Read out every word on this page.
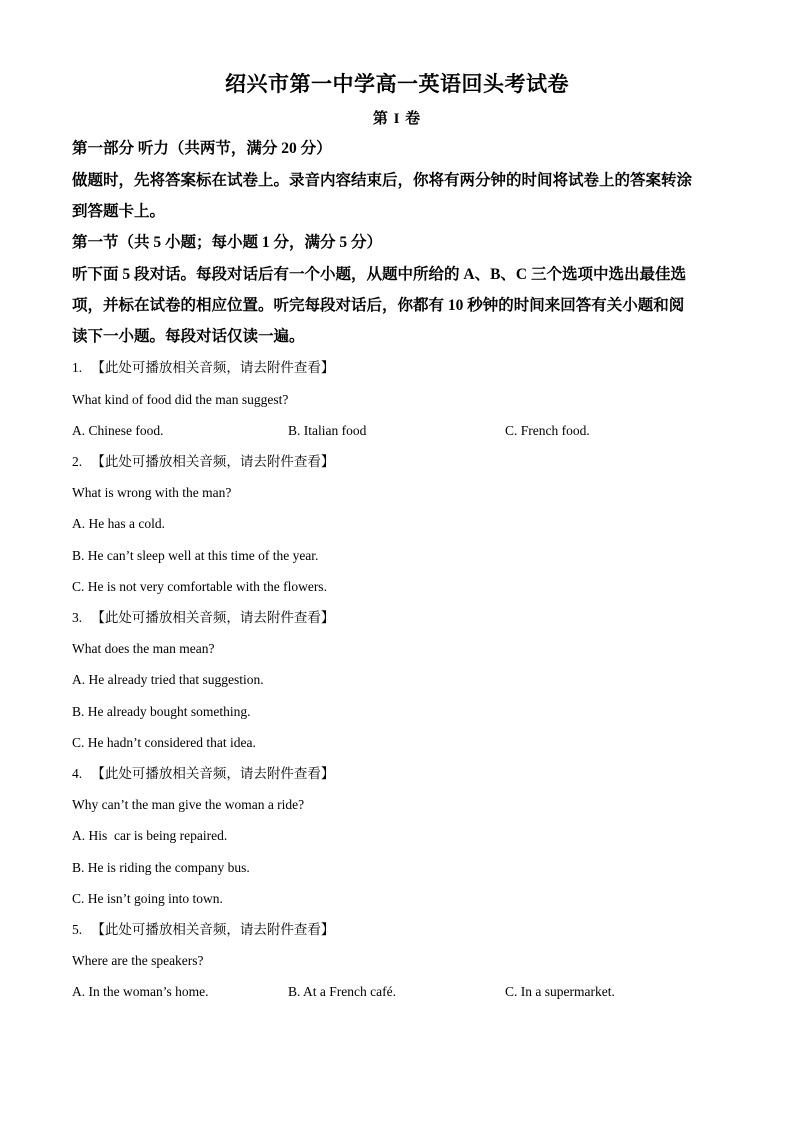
绍兴市第一中学高一英语回头考试卷
第 I 卷
第一部分 听力（共两节，满分 20 分）
做题时，先将答案标在试卷上。录音内容结束后，你将有两分钟的时间将试卷上的答案转涂
到答题卡上。
第一节（共 5 小题；每小题 1 分，满分 5 分）
听下面 5 段对话。每段对话后有一个小题，从题中所给的 A、B、C 三个选项中选出最佳选
项，并标在试卷的相应位置。听完每段对话后，你都有 10 秒钟的时间来回答有关小题和阅
读下一小题。每段对话仅读一遍。
1. 【此处可播放相关音频，请去附件查看】
What kind of food did the man suggest?
A. Chinese food.	B. Italian food	C. French food.
2. 【此处可播放相关音频，请去附件查看】
What is wrong with the man?
A. He has a cold.
B. He can’t sleep well at this time of the year.
C. He is not very comfortable with the flowers.
3. 【此处可播放相关音频，请去附件查看】
What does the man mean?
A. He already tried that suggestion.
B. He already bought something.
C. He hadn’t considered that idea.
4. 【此处可播放相关音频，请去附件查看】
Why can’t the man give the woman a ride?
A. His  car is being repaired.
B. He is riding the company bus.
C. He isn’t going into town.
5. 【此处可播放相关音频，请去附件查看】
Where are the speakers?
A. In the woman’s home.	B. At a French café.	C. In a supermarket.
